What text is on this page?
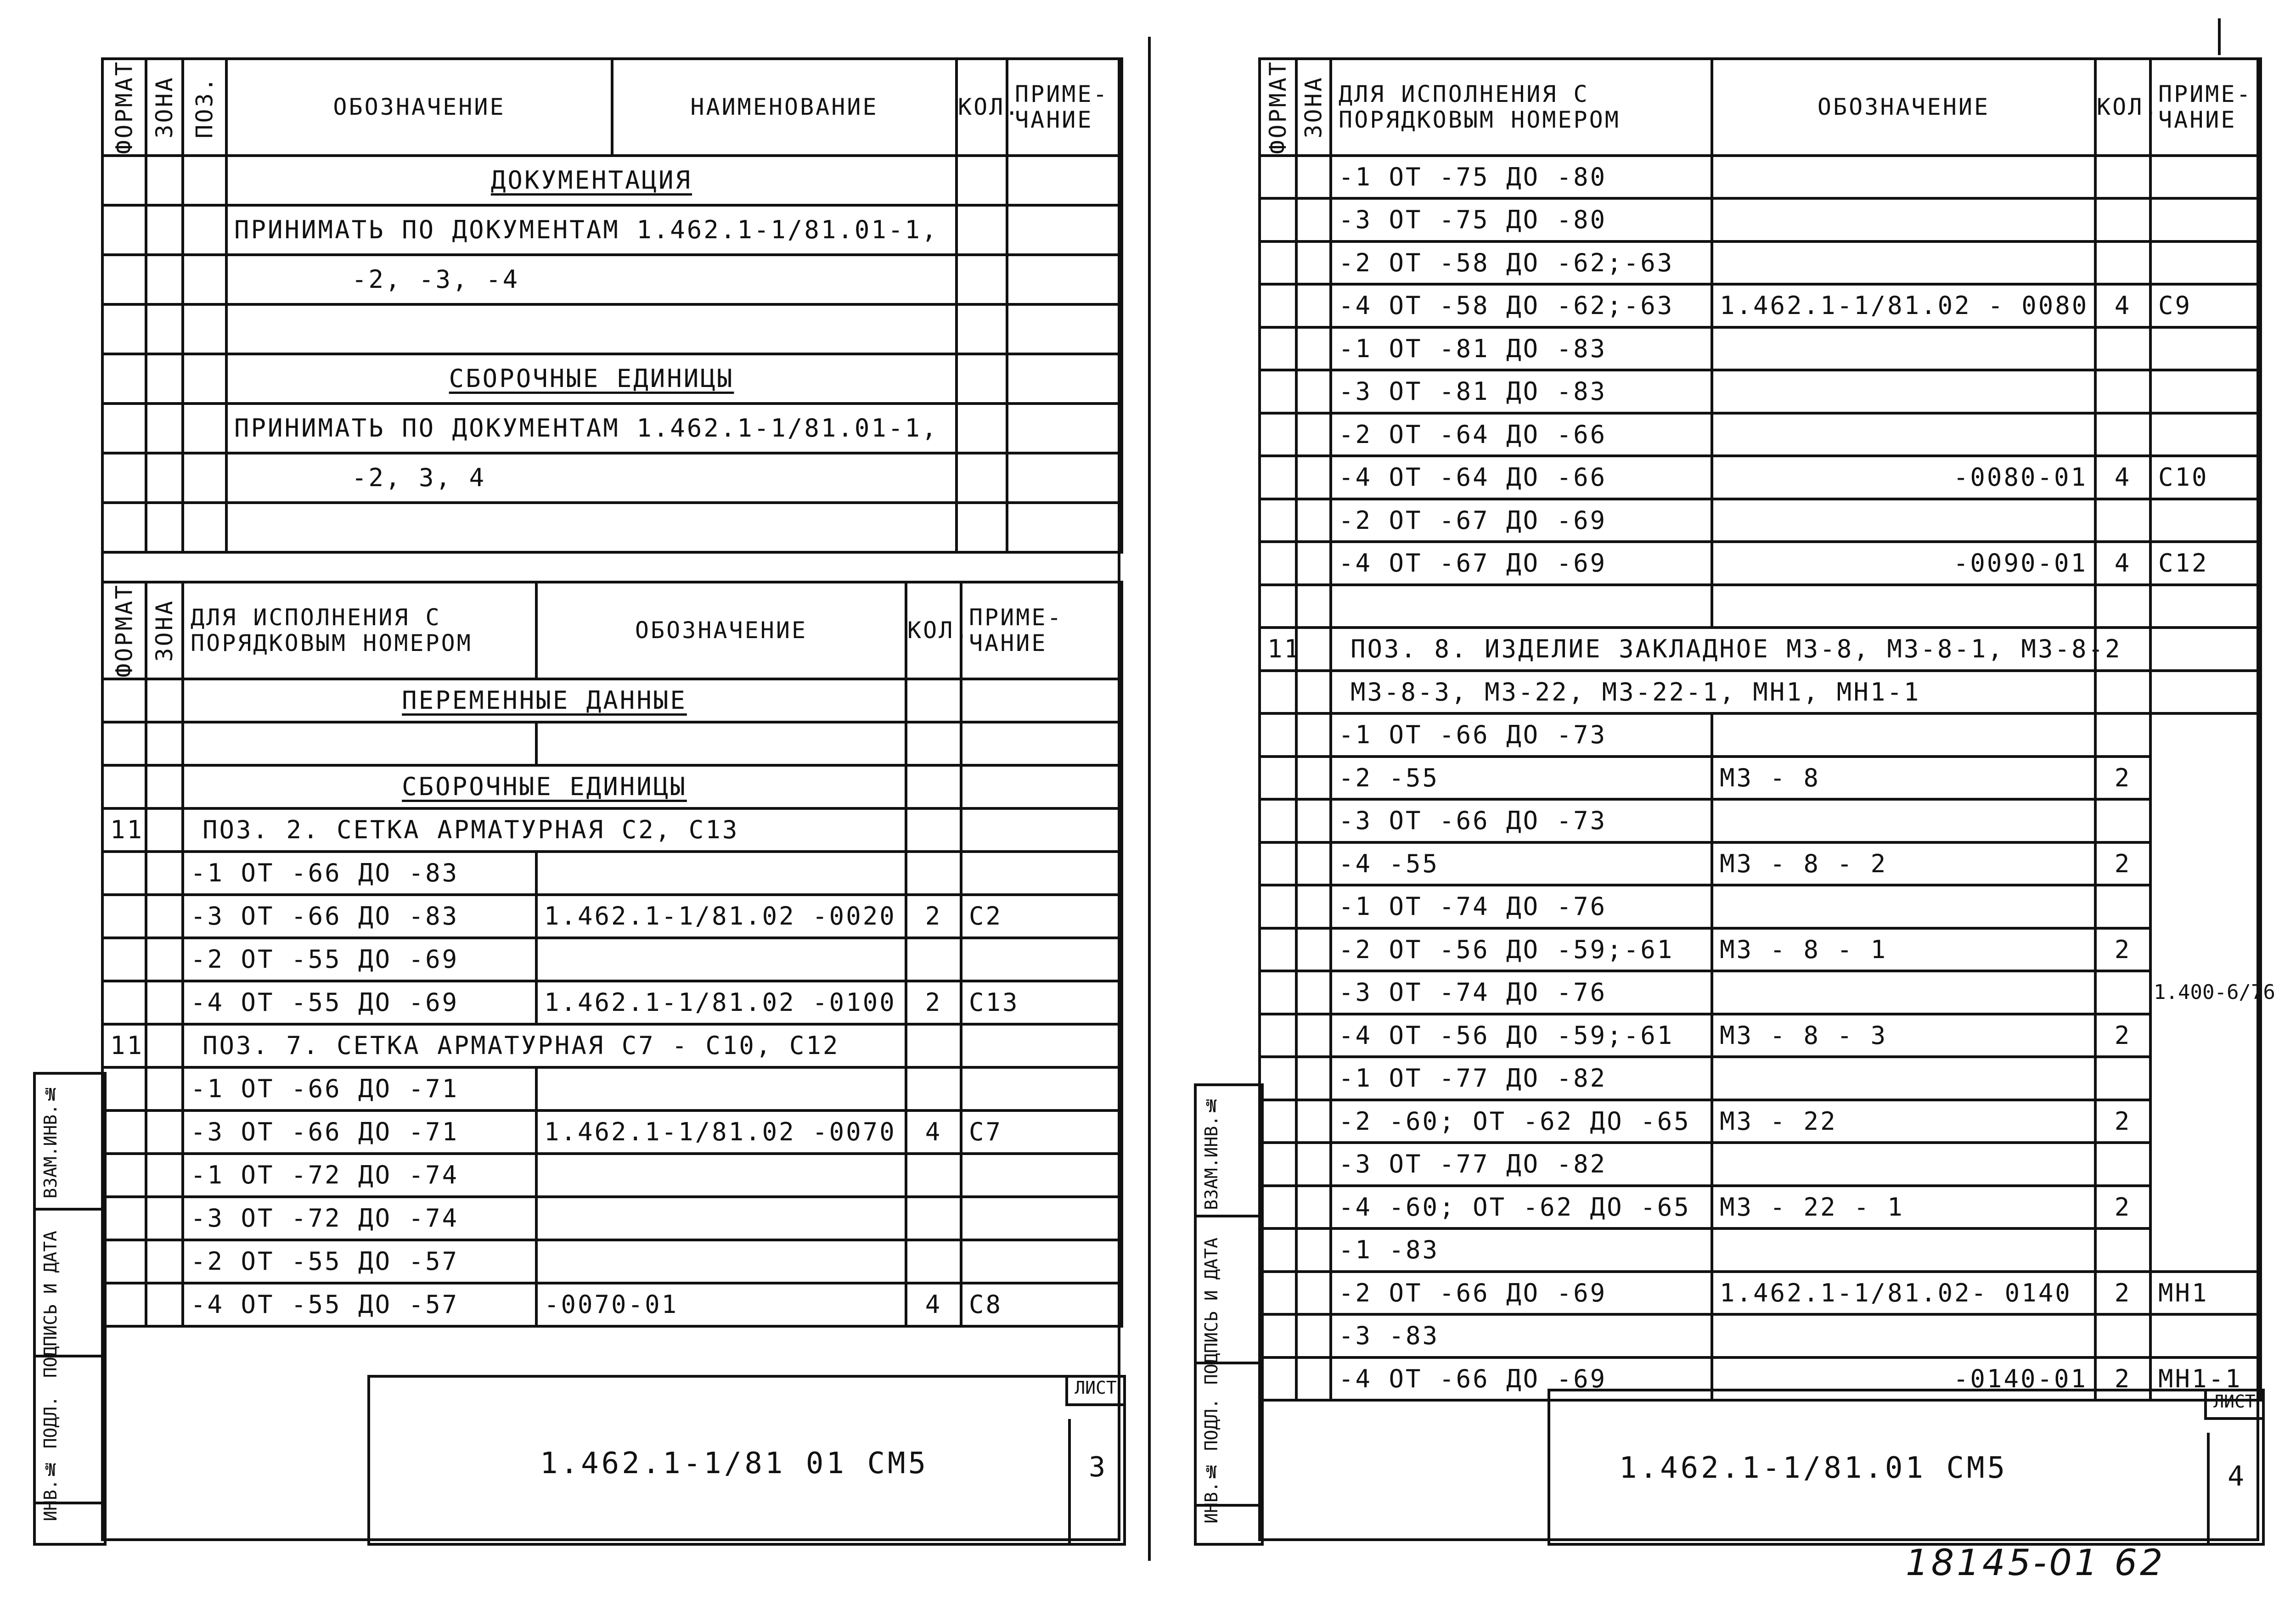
ФОРМАТ	ЗОНА	ПОЗ.	ОБОЗНАЧЕНИЕ	НАИМЕНОВАНИЕ	КОЛ.	ПРИМЕ- ЧАНИЕ
			ДОКУМЕНТАЦИЯ			
			ПРИНИМАТЬ ПО ДОКУМЕНТАМ 1.462.1-1/81.01-1,			
			-2, -3, -4			

			СБОРОЧНЫЕ ЕДИНИЦЫ			
			ПРИНИМАТЬ ПО ДОКУМЕНТАМ 1.462.1-1/81.01-1,			
			-2, 3, 4			

ФОРМАТ	ЗОНА	ДЛЯ ИСПОЛНЕНИЯ С ПОРЯДКОВЫМ НОМЕРОМ	ОБОЗНАЧЕНИЕ	КОЛ.	ПРИМЕ- ЧАНИЕ
		ПЕРЕМЕННЫЕ ДАННЫЕ			

		СБОРОЧНЫЕ ЕДИНИЦЫ			
11		ПОЗ. 2. СЕТКА АРМАТУРНАЯ С2, С13			
		-1 ОТ -66 ДО -83			
		-3 ОТ -66 ДО -83	1.462.1-1/81.02 -0020	2	С2
		-2 ОТ -55 ДО -69			
		-4 ОТ -55 ДО -69	1.462.1-1/81.02 -0100	2	С13
11		ПОЗ. 7. СЕТКА АРМАТУРНАЯ С7 - С10, С12			
		-1 ОТ -66 ДО -71			
		-3 ОТ -66 ДО -71	1.462.1-1/81.02 -0070	4	С7
		-1 ОТ -72 ДО -74			
		-3 ОТ -72 ДО -74			
		-2 ОТ -55 ДО -57			
		-4 ОТ -55 ДО -57	-0070-01	4	С8
1.462.1-1/81 01 СМ5
ЛИСТ
3
ВЗАМ.ИНВ.№
ПОДПИСЬ И ДАТА
ИНВ.№ ПОДЛ.
ФОРМАТ	ЗОНА	ДЛЯ ИСПОЛНЕНИЯ С ПОРЯДКОВЫМ НОМЕРОМ	ОБОЗНАЧЕНИЕ	КОЛ.	ПРИМЕ- ЧАНИЕ
		-1 ОТ -75 ДО -80			
		-3 ОТ -75 ДО -80			
		-2 ОТ -58 ДО -62;-63			
		-4 ОТ -58 ДО -62;-63	1.462.1-1/81.02 - 0080	4	С9
		-1 ОТ -81 ДО -83			
		-3 ОТ -81 ДО -83			
		-2 ОТ -64 ДО -66			
		-4 ОТ -64 ДО -66	-0080-01	4	С10
		-2 ОТ -67 ДО -69			
		-4 ОТ -67 ДО -69	-0090-01	4	С12

11		ПОЗ. 8. ИЗДЕЛИЕ ЗАКЛАДНОЕ МЗ-8, МЗ-8-1, МЗ-8-2			
		МЗ-8-3, МЗ-22, МЗ-22-1, МН1, МН1-1			
		-1 ОТ -66 ДО -73			1.400-6/76
		-2 -55	МЗ - 8	2	
		-3 ОТ -66 ДО -73			
		-4 -55	МЗ - 8 - 2	2	
		-1 ОТ -74 ДО -76			
		-2 ОТ -56 ДО -59;-61	МЗ - 8 - 1	2	
		-3 ОТ -74 ДО -76			
		-4 ОТ -56 ДО -59;-61	МЗ - 8 - 3	2	
		-1 ОТ -77 ДО -82			
		-2 -60; ОТ -62 ДО -65	МЗ - 22	2	
		-3 ОТ -77 ДО -82			
		-4 -60; ОТ -62 ДО -65	МЗ - 22 - 1	2	
		-1 -83			
		-2 ОТ -66 ДО -69	1.462.1-1/81.02- 0140	2	МН1
		-3 -83			
		-4 ОТ -66 ДО -69	-0140-01	2	МН1-1
1.462.1-1/81.01 СМ5
ЛИСТ
4
ВЗАМ.ИНВ.№
ПОДПИСЬ И ДАТА
ИНВ.№ ПОДЛ.
18145-01 62
